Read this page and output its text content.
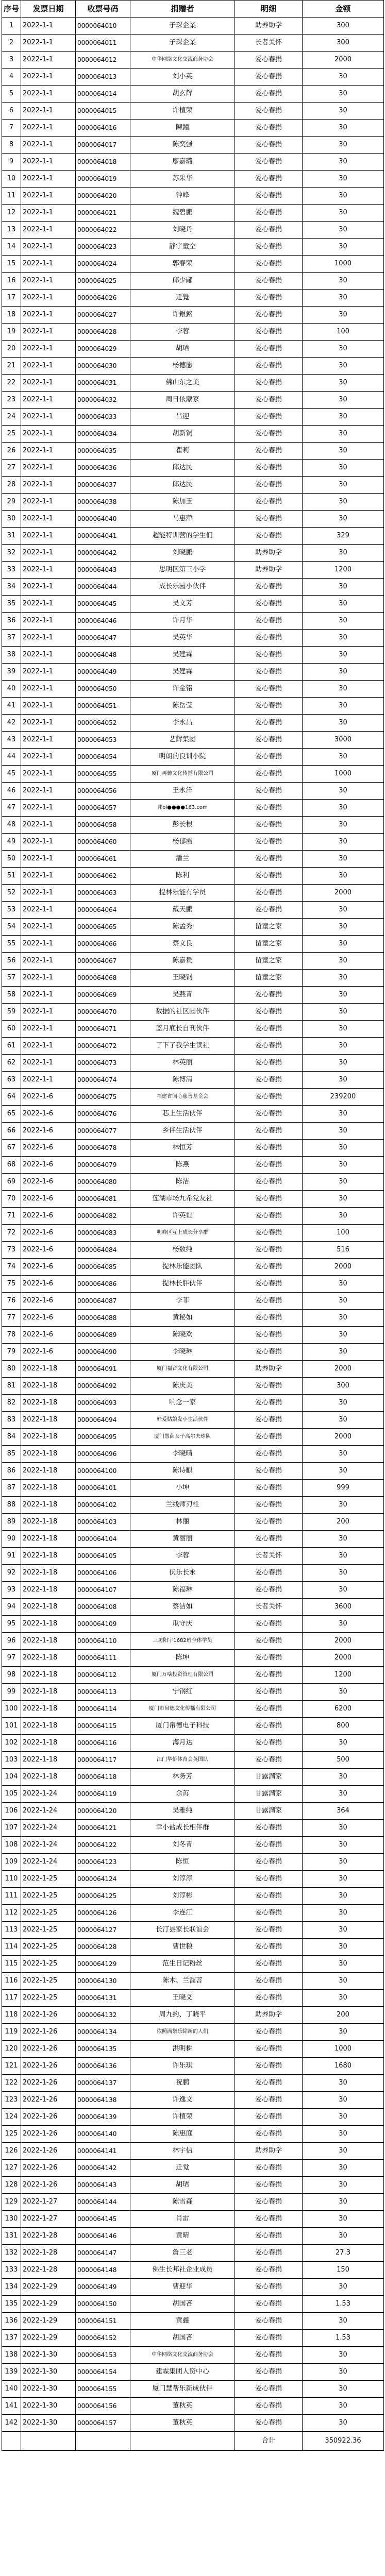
序号	发票日期	收票号码	捐赠者	明细	金额
1	2022-1-1	0000064010	子琛企業	助养助学	300
2	2022-1-1	0000064011	子琛企業	长者关怀	300
3	2022-1-1	0000064012	中华网络文化交流商务协会	爱心春捐	2000
4	2022-1-1	0000064013	刘小英	爱心春捐	30
5	2022-1-1	0000064014	胡玄辉	爱心春捐	30
6	2022-1-1	0000064015	许植荣	爱心春捐	30
7	2022-1-1	0000064016	陳鐘	爱心春捐	30
8	2022-1-1	0000064017	陈奕强	爱心春捐	30
9	2022-1-1	0000064018	廖嘉璐	爱心春捐	30
10	2022-1-1	0000064019	苏采华	爱心春捐	30
11	2022-1-1	0000064020	钟峰	爱心春捐	30
12	2022-1-1	0000064021	魏碧鹏	爱心春捐	30
13	2022-1-1	0000064022	刘晓丹	爱心春捐	30
14	2022-1-1	0000064023	静宇童空	爱心春捐	30
15	2022-1-1	0000064024	郭春荣	爱心春捐	1000
16	2022-1-1	0000064025	邱少鄖	爱心春捐	30
17	2022-1-1	0000064026	迁覺	爱心春捐	30
18	2022-1-1	0000064027	许銀銘	爱心春捐	30
19	2022-1-1	0000064028	李蓉	爱心春捐	100
20	2022-1-1	0000064029	胡珺	爱心春捐	30
21	2022-1-1	0000064030	杨德愿	爱心春捐	30
22	2022-1-1	0000064031	佛山东之美	爱心春捐	30
23	2022-1-1	0000064032	周日依蒙家	爱心春捐	30
24	2022-1-1	0000064033	吕迎	爱心春捐	30
25	2022-1-1	0000064034	胡新铜	爱心春捐	30
26	2022-1-1	0000064035	瞿莉	爱心春捐	30
27	2022-1-1	0000064036	邱达民	爱心春捐	30
28	2022-1-1	0000064037	邱达民	爱心春捐	30
29	2022-1-1	0000064038	陈加玉	爱心春捐	30
30	2022-1-1	0000064040	马惠萍	爱心春捐	30
31	2022-1-1	0000064041	超能特训营的学生们	爱心春捐	329
32	2022-1-1	0000064042	刘晓鹏	助养助学	30
33	2022-1-1	0000064043	思明区第三小学	助养助学	1200
34	2022-1-1	0000064044	成长乐园小伙伴	爱心春捐	30
35	2022-1-1	0000064045	吴文芳	爱心春捐	30
36	2022-1-1	0000064046	许月华	爱心春捐	30
37	2022-1-1	0000064047	吴英华	爱心春捐	30
38	2022-1-1	0000064048	吴建霖	爱心春捐	30
39	2022-1-1	0000064049	吴建霖	爱心春捐	30
40	2022-1-1	0000064050	许金铭	爱心春捐	30
41	2022-1-1	0000064051	陈岳莹	爱心春捐	30
42	2022-1-1	0000064052	李永昌	爱心春捐	30
43	2022-1-1	0000064053	艺辉集团	爱心春捐	3000
44	2022-1-1	0000064054	明朗的良训小院	爱心春捐	30
45	2022-1-1	0000064055	厦门再德文化传播有限公司	爱心春捐	1000
46	2022-1-1	0000064056	王永洋	爱心春捐	30
47	2022-1-1	0000064057	邦oi●●●●163.com	爱心春捐	30
48	2022-1-1	0000064058	彭长根	爱心春捐	30
49	2022-1-1	0000064060	杨郁霞	爱心春捐	30
50	2022-1-1	0000064061	潘兰	爱心春捐	30
51	2022-1-1	0000064062	陈利	爱心春捐	30
52	2022-1-1	0000064063	提林乐能有学员	爱心春捐	2000
53	2022-1-1	0000064064	戴天鹏	爱心春捐	30
54	2022-1-1	0000064065	陈孟秀	留童之家	30
55	2022-1-1	0000064066	蔡文良	留童之家	30
56	2022-1-1	0000064067	陈嘉贵	留童之家	30
57	2022-1-1	0000064068	王晓钢	留童之家	30
58	2022-1-1	0000064069	吴燕青	爱心春捐	30
59	2022-1-1	0000064070	数据的社区园伙伴	爱心春捐	30
60	2022-1-1	0000064071	蓝月底长自刊伙伴	爱心春捐	30
61	2022-1-1	0000064072	了下了我学生读社	爱心春捐	30
62	2022-1-1	0000064073	林英丽	爱心春捐	30
63	2022-1-1	0000064074	陈博清	爱心春捐	30
64	2022-1-6	0000064075	福建省闽心慈善基金会	爱心春捐	239200
65	2022-1-6	0000064076	芯上生活伙伴	爱心春捐	30
66	2022-1-6	0000064077	乡伴生活伙伴	爱心春捐	30
67	2022-1-6	0000064078	林恒芳	爱心春捐	30
68	2022-1-6	0000064079	陈燕	爱心春捐	30
69	2022-1-6	0000064080	陈洁	爱心春捐	30
70	2022-1-6	0000064081	莲湖市场九希党友社	爱心春捐	30
71	2022-1-6	0000064082	许英谊	爱心春捐	30
72	2022-1-6	0000064083	明峰区互上成长分享群	爱心春捐	100
73	2022-1-6	0000064084	杨数纯	爱心春捐	516
74	2022-1-6	0000064085	提林乐能团队	爱心春捐	2000
75	2022-1-6	0000064086	提林长胖伙伴	爱心春捐	30
76	2022-1-6	0000064087	李菲	爱心春捐	30
77	2022-1-6	0000064088	黄秘如	爱心春捐	30
78	2022-1-6	0000064089	陈晓欢	爱心春捐	30
79	2022-1-6	0000064090	李晓琳	爱心春捐	30
80	2022-1-18	0000064091	厦门福音文化有限公司	助养助学	2000
81	2022-1-18	0000064092	陈庆美	爱心春捐	300
82	2022-1-18	0000064093	响念一家	爱心春捐	30
83	2022-1-18	0000064094	好爱姑娘发小生活伙伴	爱心春捐	30
84	2022-1-18	0000064095	厦门慧茵女子高尔夫球队	爱心春捐	2000
85	2022-1-18	0000064096	李晓晴	爱心春捐	30
86	2022-1-18	0000064100	陈诗麒	爱心春捐	30
87	2022-1-18	0000064101	小坤	爱心春捐	999
88	2022-1-18	0000064102	兰线师刃柱	爱心春捐	30
89	2022-1-18	0000064103	林丽	爱心春捐	200
90	2022-1-18	0000064104	黄丽丽	爱心春捐	30
91	2022-1-18	0000064105	李蓉	长者关怀	30
92	2022-1-18	0000064106	伏乐长永	爱心春捐	30
93	2022-1-18	0000064107	陈福琳	爱心春捐	30
94	2022-1-18	0000064108	蔡洁如	长者关怀	3600
95	2022-1-18	0000064109	瓜守庆	爱心春捐	30
96	2022-1-18	0000064110	三坊阳宇1682班全体学员	爱心春捐	2000
97	2022-1-18	0000064111	陈坤	爱心春捐	2000
98	2022-1-18	0000064112	厦门万啥投资管理有限公司	爱心春捐	1200
99	2022-1-18	0000064113	宁钢红	爱心春捐	30
100	2022-1-18	0000064114	厦门市帛德文化传播有限公司	爱心春捐	6200
101	2022-1-18	0000064115	厦门帛德电子科技	爱心春捐	800
102	2022-1-18	0000064116	海月达	爱心春捐	30
103	2022-1-18	0000064117	江门华侨体育会英国队	爱心春捐	500
104	2022-1-18	0000064118	林务芳	甘露满家	30
105	2022-1-24	0000064119	余苒	甘露满家	30
106	2022-1-24	0000064120	吴雅纯	甘露满家	364
107	2022-1-24	0000064121	幸小盐成长相伴群	爱心春捐	30
108	2022-1-24	0000064122	刘冬青	爱心春捐	30
109	2022-1-24	0000064123	陈恒	爱心春捐	30
110	2022-1-25	0000064124	刘淳淳	爱心春捐	30
111	2022-1-25	0000064125	刘淳彬	爱心春捐	30
112	2022-1-25	0000064126	李连江	爱心春捐	30
113	2022-1-25	0000064127	长汀县家长联谊会	爱心春捐	30
114	2022-1-25	0000064128	曹世粮	爱心春捐	30
115	2022-1-25	0000064129	范生日记粉丝	爱心春捐	30
116	2022-1-25	0000064130	陈木、兰溜菩	爱心春捐	30
117	2022-1-25	0000064131	王晓义	爱心春捐	30
118	2022-1-26	0000064132	周九约、丁晓平	助养助学	200
119	2022-1-26	0000064134	依照满祭乐除新的人们	爱心春捐	30
120	2022-1-26	0000064135	洪明耕	爱心春捐	1000
121	2022-1-26	0000064136	许乐琪	爱心春捐	1680
122	2022-1-26	0000064137	祝鹏	爱心春捐	30
123	2022-1-26	0000064138	许逸文	爱心春捐	30
124	2022-1-26	0000064139	许植荣	爱心春捐	30
125	2022-1-26	0000064140	陈惠庭	爱心春捐	30
126	2022-1-26	0000064141	林宇信	助养助学	30
127	2022-1-26	0000064142	迁觉	爱心春捐	30
128	2022-1-26	0000064143	胡珺	爱心春捐	30
129	2022-1-27	0000064144	陈雪森	爱心春捐	30
130	2022-1-27	0000064145	肖雷	爱心春捐	30
131	2022-1-28	0000064146	黄晴	爱心春捐	30
132	2022-1-28	0000064147	詹三老	爱心春捐	27.3
133	2022-1-28	0000064148	佛生长邦社企业成员	爱心春捐	150
134	2022-1-29	0000064149	曹迎华	爱心春捐	30
135	2022-1-29	0000064150	胡国吝	爱心春捐	1.53
136	2022-1-29	0000064151	黄鑫	爱心春捐	30
137	2022-1-29	0000064152	胡国吝	爱心春捐	1.53
138	2022-1-30	0000064153	中华网络文化交流商务协会	爱心春捐	30
139	2022-1-30	0000064154	建霖集团人资中心	爱心春捐	30
140	2022-1-30	0000064155	厦门慧帮乐新成伙伴	爱心春捐	30
141	2022-1-30	0000064156	董秋英	爱心春捐	30
142	2022-1-30	0000064157	董秋英	爱心春捐	30
				合计	350922.36
